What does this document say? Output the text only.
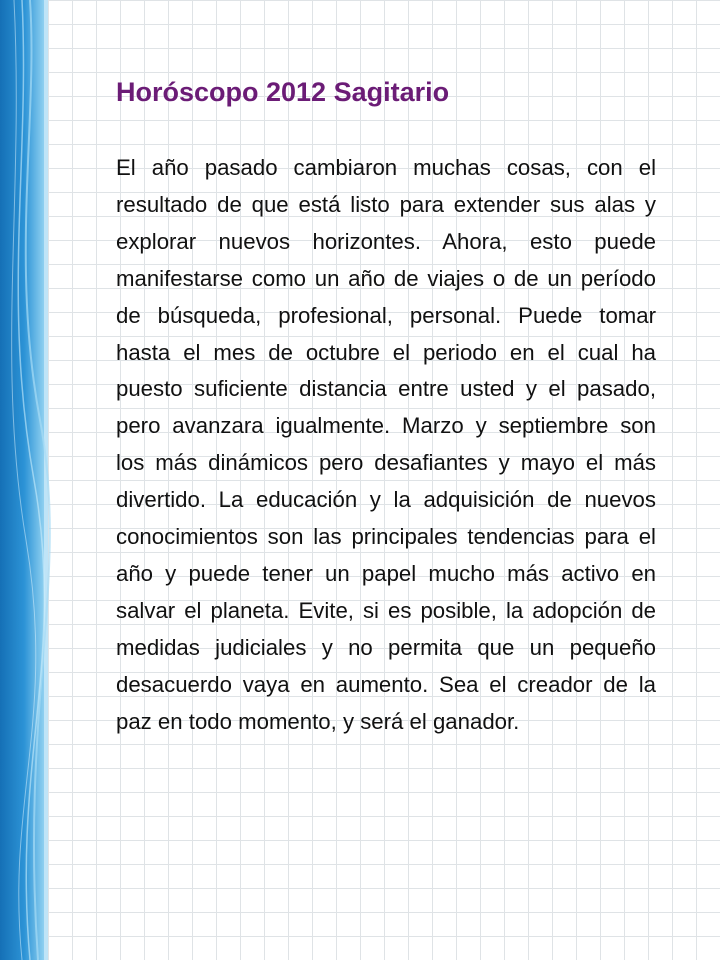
Horóscopo 2012 Sagitario

El año pasado cambiaron muchas cosas, con el resultado de que está listo para extender sus alas y explorar nuevos horizontes. Ahora, esto puede manifestarse como un año de viajes o de un período de búsqueda, profesional, personal. Puede tomar hasta el mes de octubre el periodo en el cual ha puesto suficiente distancia entre usted y el pasado, pero avanzara igualmente. Marzo y septiembre son los más dinámicos pero desafiantes y mayo el más divertido. La educación y la adquisición de nuevos conocimientos son las principales tendencias para el año y puede tener un papel mucho más activo en salvar el planeta. Evite, si es posible, la adopción de medidas judiciales y no permita que un pequeño desacuerdo vaya en aumento. Sea el creador de la paz en todo momento, y será el ganador.
